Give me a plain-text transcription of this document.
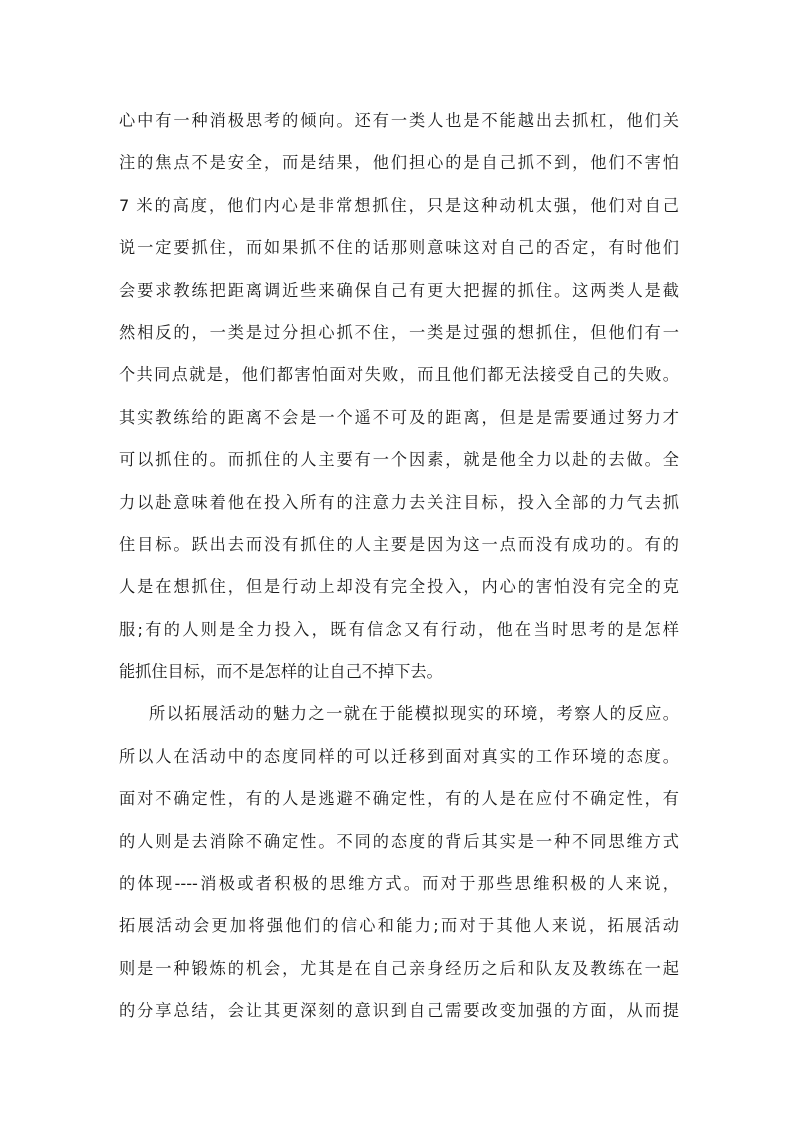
心中有一种消极思考的倾向。还有一类人也是不能越出去抓杠，他们关
注的焦点不是安全，而是结果，他们担心的是自己抓不到，他们不害怕
7 米的高度，他们内心是非常想抓住，只是这种动机太强，他们对自己
说一定要抓住，而如果抓不住的话那则意味这对自己的否定，有时他们
会要求教练把距离调近些来确保自己有更大把握的抓住。这两类人是截
然相反的，一类是过分担心抓不住，一类是过强的想抓住，但他们有一
个共同点就是，他们都害怕面对失败，而且他们都无法接受自己的失败。
其实教练给的距离不会是一个遥不可及的距离，但是是需要通过努力才
可以抓住的。而抓住的人主要有一个因素，就是他全力以赴的去做。全
力以赴意味着他在投入所有的注意力去关注目标，投入全部的力气去抓
住目标。跃出去而没有抓住的人主要是因为这一点而没有成功的。有的
人是在想抓住，但是行动上却没有完全投入，内心的害怕没有完全的克
服;有的人则是全力投入，既有信念又有行动，他在当时思考的是怎样
能抓住目标，而不是怎样的让自己不掉下去。
所以拓展活动的魅力之一就在于能模拟现实的环境，考察人的反应。
所以人在活动中的态度同样的可以迁移到面对真实的工作环境的态度。
面对不确定性，有的人是逃避不确定性，有的人是在应付不确定性，有
的人则是去消除不确定性。不同的态度的背后其实是一种不同思维方式
的体现----消极或者积极的思维方式。而对于那些思维积极的人来说，
拓展活动会更加将强他们的信心和能力;而对于其他人来说，拓展活动
则是一种锻炼的机会，尤其是在自己亲身经历之后和队友及教练在一起
的分享总结，会让其更深刻的意识到自己需要改变加强的方面，从而提
